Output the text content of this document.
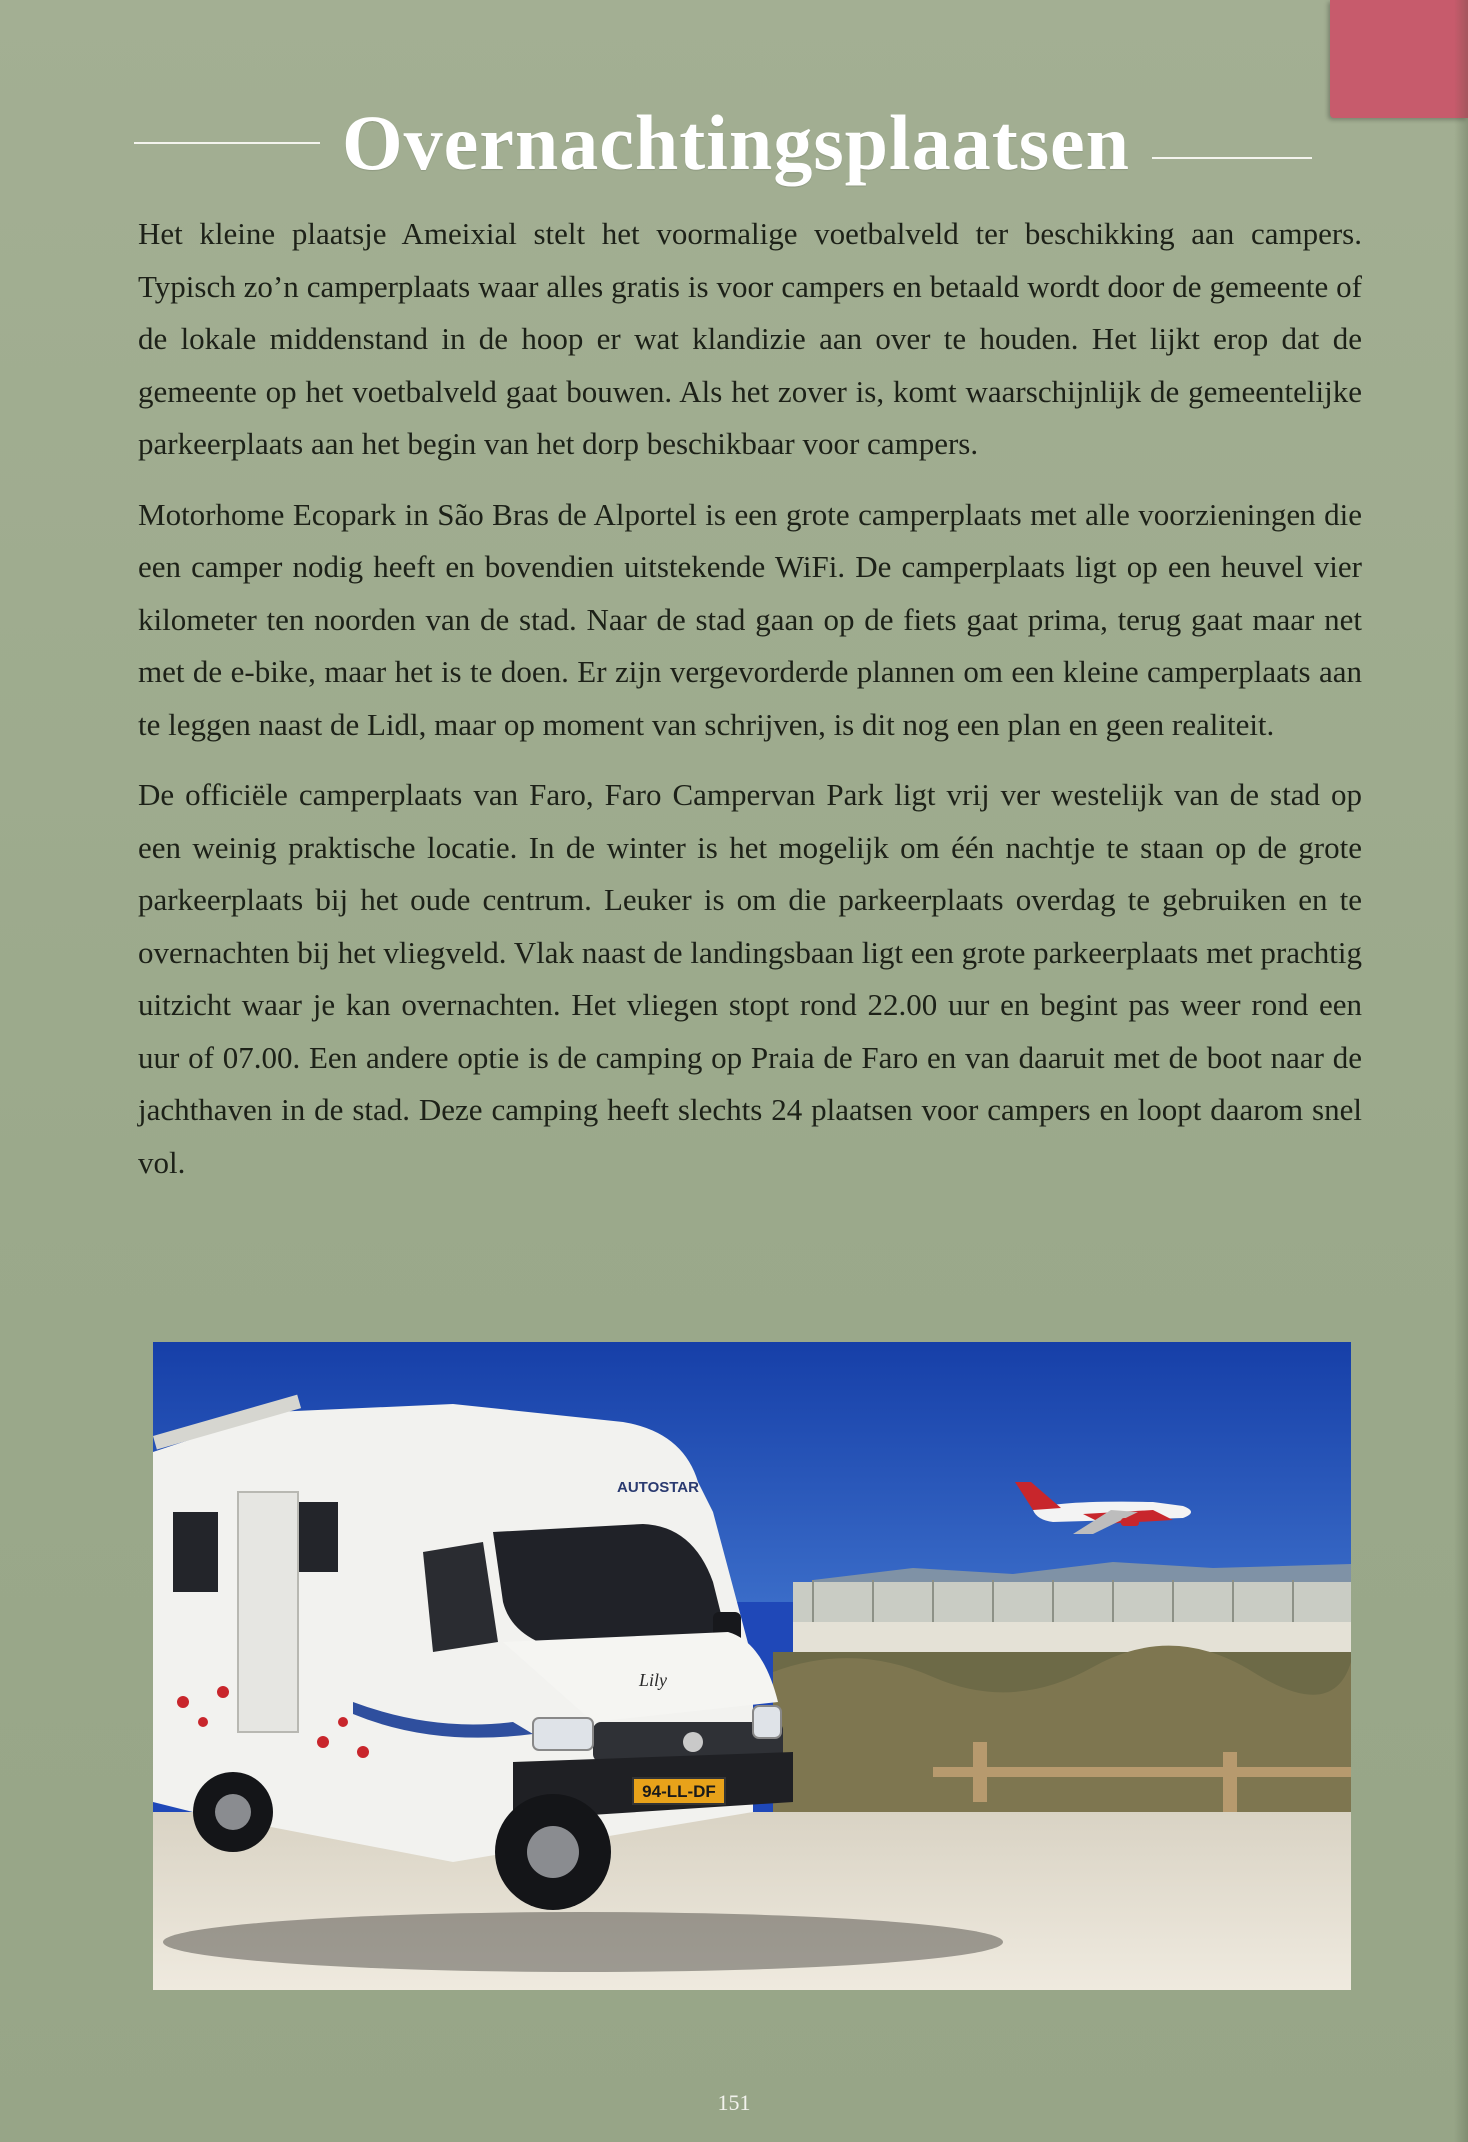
Overnachtingsplaatsen

Het kleine plaatsje Ameixial stelt het voormalige voetbalveld ter beschikking aan campers. Typisch zo’n camperplaats waar alles gratis is voor campers en betaald wordt door de gemeente of de lokale middenstand in de hoop er wat klandizie aan over te houden. Het lijkt erop dat de gemeente op het voetbalveld gaat bouwen. Als het zover is, komt waarschijnlijk de gemeentelijke parkeerplaats aan het begin van het dorp beschikbaar voor campers.

Motorhome Ecopark in São Bras de Alportel is een grote camperplaats met alle voorzieningen die een camper nodig heeft en bovendien uitstekende WiFi. De camperplaats ligt op een heuvel vier kilometer ten noorden van de stad. Naar de stad gaan op de fiets gaat prima, terug gaat maar net met de e-bike, maar het is te doen. Er zijn vergevorderde plannen om een kleine camperplaats aan te leggen naast de Lidl, maar op moment van schrijven, is dit nog een plan en geen realiteit.

De officiële camperplaats van Faro, Faro Campervan Park ligt vrij ver westelijk van de stad op een weinig praktische locatie. In de winter is het mogelijk om één nachtje te staan op de grote parkeerplaats bij het oude centrum. Leuker is om die parkeerplaats overdag te gebruiken en te overnachten bij het vliegveld. Vlak naast de landingsbaan ligt een grote parkeerplaats met prachtig uitzicht waar je kan overnachten. Het vliegen stopt rond 22.00 uur en begint pas weer rond een uur of 07.00. Een andere optie is de camping op Praia de Faro en van daaruit met de boot naar de jachthaven in de stad. Deze camping heeft slechts 24 plaatsen voor campers en loopt daarom snel vol.

94-LL-DF
AUTOSTAR
Lily
151
